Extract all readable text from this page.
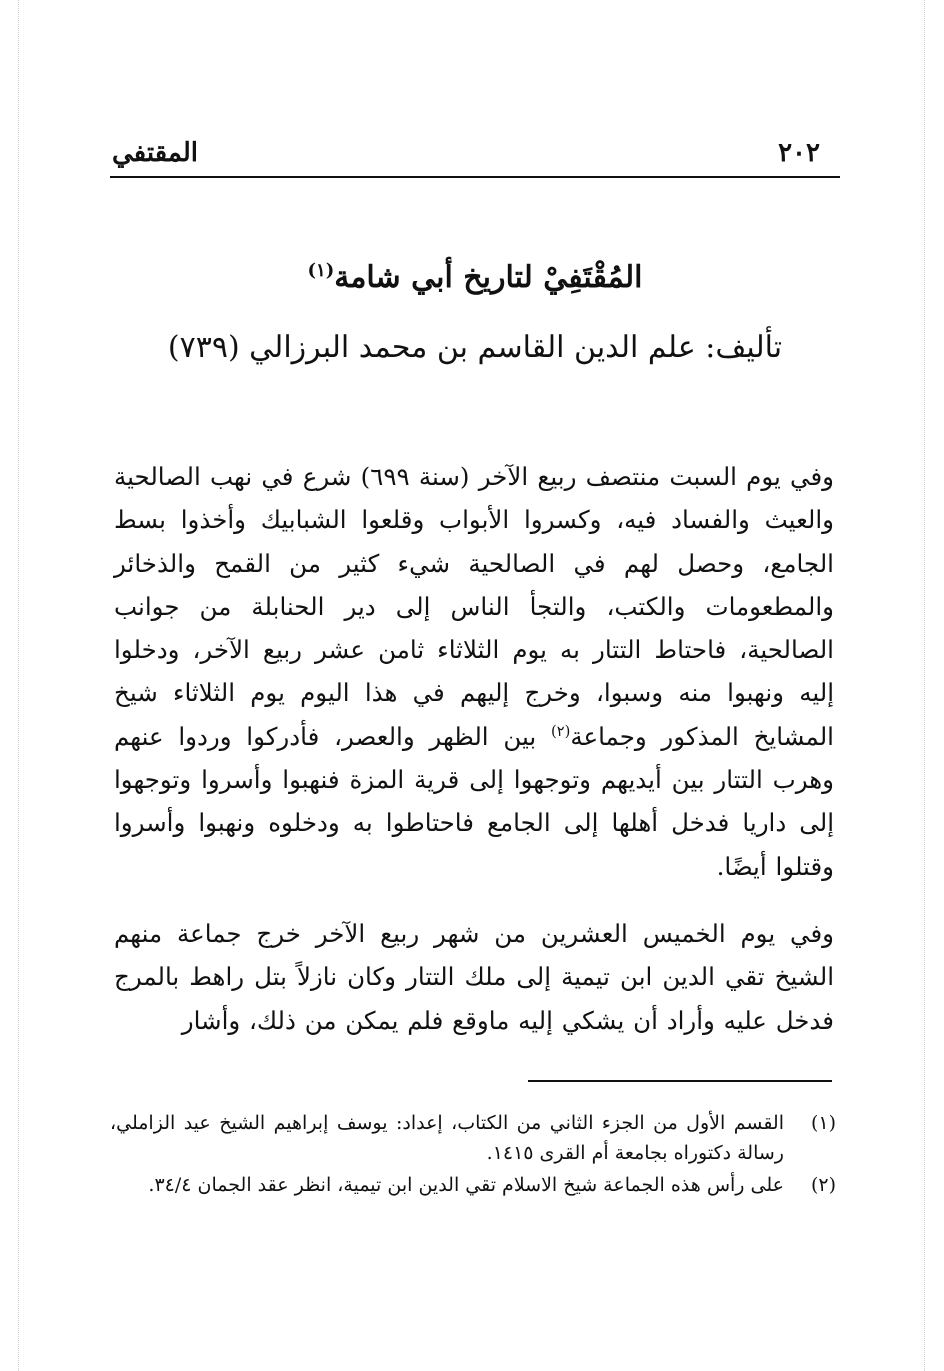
٢٠٢
المقتفي
المُقْتَفِيْ لتاريخ أبي شامة$^{(١)}$
تأليف: علم الدين القاسم بن محمد البرزالي (٧٣٩)
وفي يوم السبت منتصف ربيع الآخر (سنة ٦٩٩) شرع في نهب الصالحية والعيث والفساد فيه، وكسروا الأبواب وقلعوا الشبابيك وأخذوا بسط الجامع، وحصل لهم في الصالحية شيء كثير من القمح والذخائر والمطعومات والكتب، والتجأ الناس إلى دير الحنابلة من جوانب الصالحية، فاحتاط التتار به يوم الثلاثاء ثامن عشر ربيع الآخر، ودخلوا إليه ونهبوا منه وسبوا، وخرج إليهم في هذا اليوم يوم الثلاثاء شيخ المشايخ المذكور وجماعة$^{(٢)}$ بين الظهر والعصر، فأدركوا وردوا عنهم وهرب التتار بين أيديهم وتوجهوا إلى قرية المزة فنهبوا وأسروا وتوجهوا إلى داريا فدخل أهلها إلى الجامع فاحتاطوا به ودخلوه ونهبوا وأسروا وقتلوا أيضًا.
وفي يوم الخميس العشرين من شهر ربيع الآخر خرج جماعة منهم الشيخ تقي الدين ابن تيمية إلى ملك التتار وكان نازلاً بتل راهط بالمرج فدخل عليه وأراد أن يشكي إليه ماوقع فلم يمكن من ذلك، وأشار
(١)
القسم الأول من الجزء الثاني من الكتاب، إعداد: يوسف إبراهيم الشيخ عيد الزاملي، رسالة دكتوراه بجامعة أم القرى ١٤١٥.
(٢)
على رأس هذه الجماعة شيخ الاسلام تقي الدين ابن تيمية، انظر عقد الجمان ٣٤/٤.
